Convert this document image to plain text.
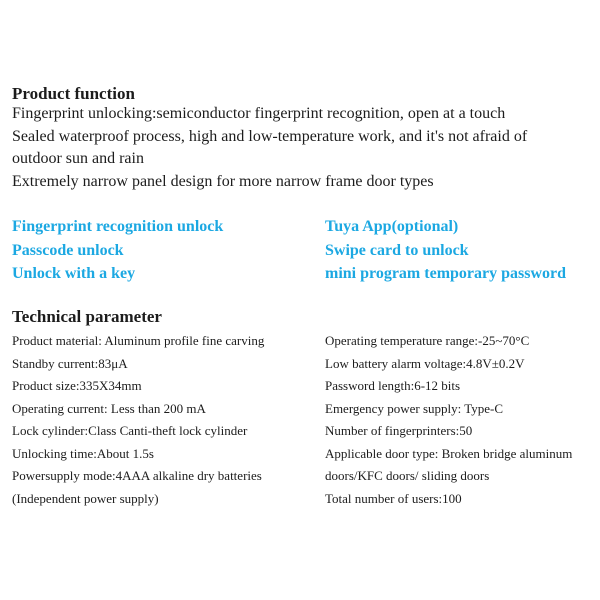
Product function
Fingerprint unlocking:semiconductor fingerprint recognition, open at a touch
Sealed waterproof process, high and low-temperature work, and it's not afraid of
outdoor sun and rain
Extremely narrow panel design for more narrow frame door types
Fingerprint recognition unlock
Passcode unlock
Unlock with a key
Tuya App(optional)
Swipe card to unlock
mini program temporary password
Technical parameter
Product material: Aluminum profile fine carving
Standby current:83μA
Product size:335X34mm
Operating current: Less than 200 mA
Lock cylinder:Class Canti-theft lock cylinder
Unlocking time:About 1.5s
Powersupply mode:4AAA alkaline dry batteries
(Independent power supply)
Operating temperature range:-25~70°C
Low battery alarm voltage:4.8V±0.2V
Password length:6-12 bits
Emergency power supply: Type-C
Number of fingerprinters:50
Applicable door type: Broken bridge aluminum
doors/KFC doors/ sliding doors
Total number of users:100
